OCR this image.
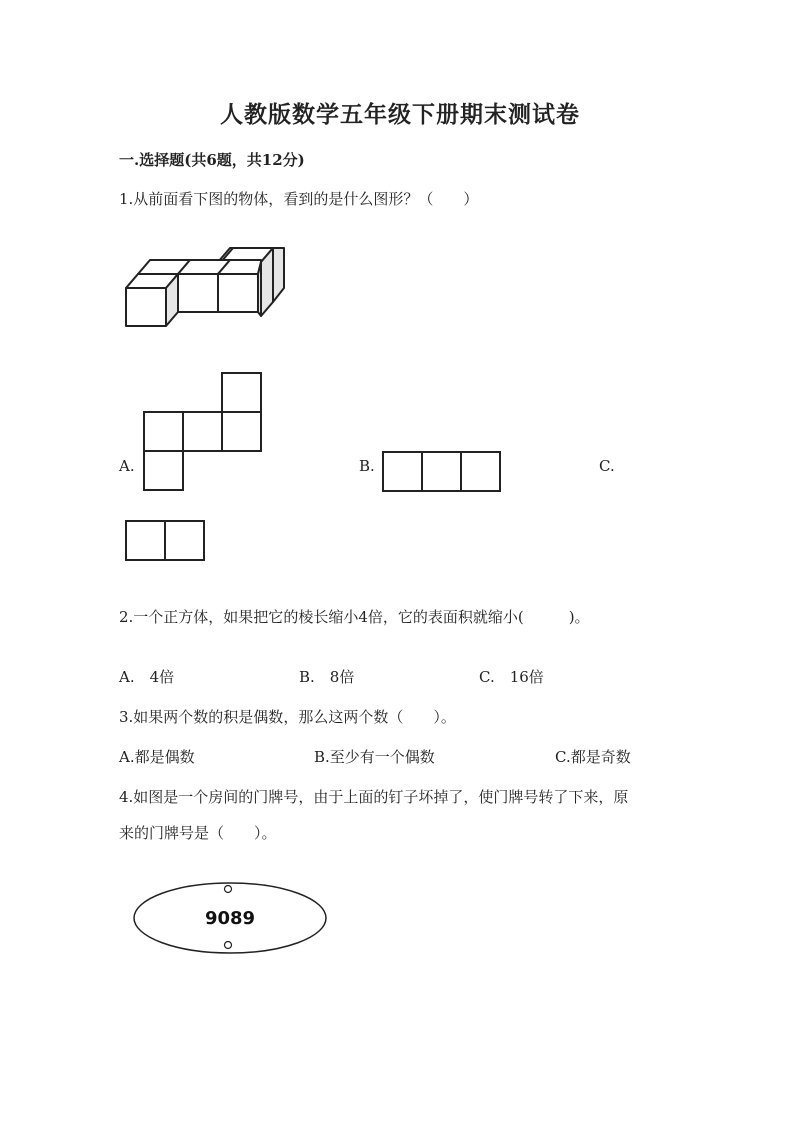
人教版数学五年级下册期末测试卷
一.选择题(共6题，共12分)
1.从前面看下图的物体，看到的是什么图形？（　　）
A.	B.	C.
2.一个正方体，如果把它的棱长缩小4倍，它的表面积就缩小(　　　)。
A.　4倍	B.　8倍	C.　16倍
3.如果两个数的积是偶数，那么这两个数（　　）。
A.都是偶数	B.至少有一个偶数	C.都是奇数
4.如图是一个房间的门牌号，由于上面的钉子坏掉了，使门牌号转了下来，原
来的门牌号是（　　）。
9089
